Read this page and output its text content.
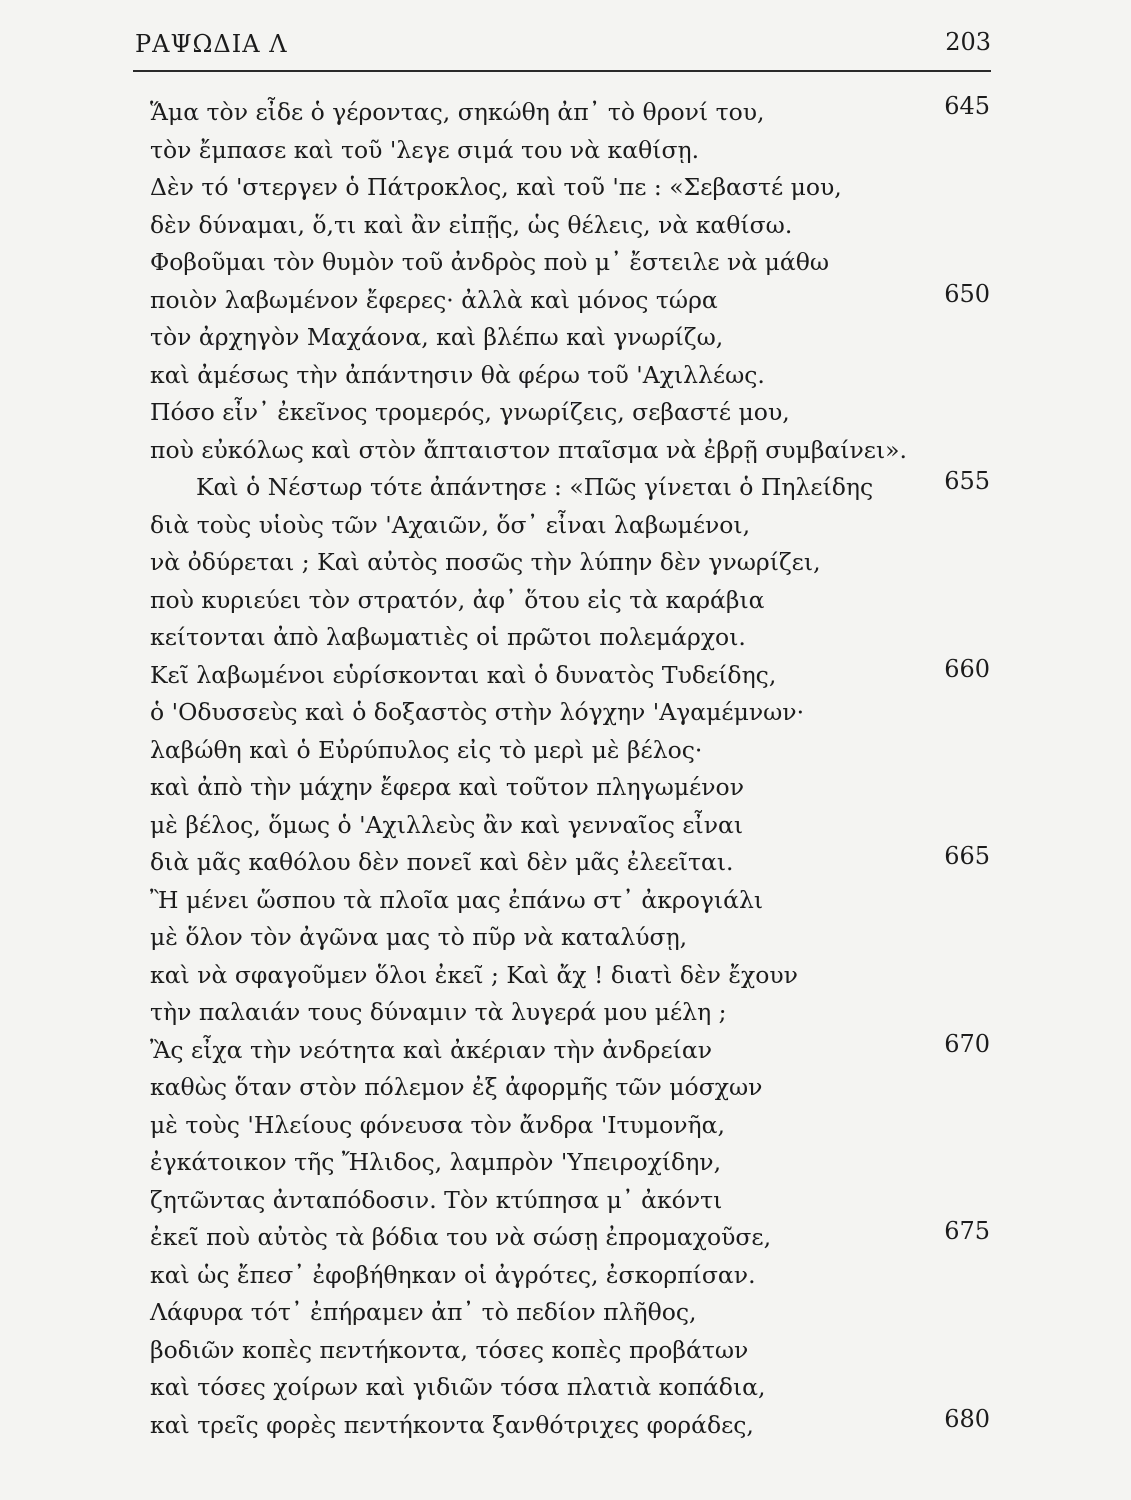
ΡΑΨΩΔΙΑ Λ	203
Ἅμα τὸν εἶδε ὁ γέροντας, σηκώθη ἀπ᾽ τὸ θρονί του,	645
τὸν ἔμπασε καὶ τοῦ 'λεγε σιμά του νὰ καθίσῃ.
Δὲν τό 'στεργεν ὁ Πάτροκλος, καὶ τοῦ 'πε : «Σεβαστέ μου,
δὲν δύναμαι, ὅ,τι καὶ ἂν εἰπῇς, ὡς θέλεις, νὰ καθίσω.
Φοβοῦμαι τὸν θυμὸν τοῦ ἀνδρὸς ποὺ μ᾽ ἔστειλε νὰ μάθω
ποιὸν λαβωμένον ἔφερες· ἀλλὰ καὶ μόνος τώρα	650
τὸν ἀρχηγὸν Μαχάονα, καὶ βλέπω καὶ γνωρίζω,
καὶ ἀμέσως τὴν ἀπάντησιν θὰ φέρω τοῦ 'Αχιλλέως.
Πόσο εἶν᾽ ἐκεῖνος τρομερός, γνωρίζεις, σεβαστέ μου,
ποὺ εὐκόλως καὶ στὸν ἄπταιστον πταῖσμα νὰ ἐβρῇ συμβαίνει».
Καὶ ὁ Νέστωρ τότε ἀπάντησε : «Πῶς γίνεται ὁ Πηλείδης	655
διὰ τοὺς υἱοὺς τῶν 'Αχαιῶν, ὅσ᾽ εἶναι λαβωμένοι,
νὰ ὀδύρεται ; Καὶ αὐτὸς ποσῶς τὴν λύπην δὲν γνωρίζει,
ποὺ κυριεύει τὸν στρατόν, ἀφ᾽ ὅτου εἰς τὰ καράβια
κείτονται ἀπὸ λαβωματιὲς οἱ πρῶτοι πολεμάρχοι.
Κεῖ λαβωμένοι εὑρίσκονται καὶ ὁ δυνατὸς Τυδείδης,	660
ὁ 'Οδυσσεὺς καὶ ὁ δοξαστὸς στὴν λόγχην 'Αγαμέμνων·
λαβώθη καὶ ὁ Εὐρύπυλος εἰς τὸ μερὶ μὲ βέλος·
καὶ ἀπὸ τὴν μάχην ἔφερα καὶ τοῦτον πληγωμένον
μὲ βέλος, ὅμως ὁ 'Αχιλλεὺς ἂν καὶ γενναῖος εἶναι
διὰ μᾶς καθόλου δὲν πονεῖ καὶ δὲν μᾶς ἐλεεῖται.	665
Ἢ μένει ὥσπου τὰ πλοῖα μας ἐπάνω στ᾽ ἀκρογιάλι
μὲ ὅλον τὸν ἀγῶνα μας τὸ πῦρ νὰ καταλύσῃ,
καὶ νὰ σφαγοῦμεν ὅλοι ἐκεῖ ; Καὶ ἄχ ! διατὶ δὲν ἔχουν
τὴν παλαιάν τους δύναμιν τὰ λυγερά μου μέλη ;
Ἂς εἶχα τὴν νεότητα καὶ ἀκέριαν τὴν ἀνδρείαν	670
καθὼς ὅταν στὸν πόλεμον ἐξ ἀφορμῆς τῶν μόσχων
μὲ τοὺς 'Ηλείους φόνευσα τὸν ἄνδρα 'Ιτυμονῆα,
ἐγκάτοικον τῆς Ἤλιδος, λαμπρὸν 'Υπειροχίδην,
ζητῶντας ἀνταπόδοσιν. Τὸν κτύπησα μ᾽ ἀκόντι
ἐκεῖ ποὺ αὐτὸς τὰ βόδια του νὰ σώσῃ ἐπρομαχοῦσε,	675
καὶ ὡς ἔπεσ᾽ ἐφοβήθηκαν οἱ ἀγρότες, ἐσκορπίσαν.
Λάφυρα τότ᾽ ἐπήραμεν ἀπ᾽ τὸ πεδίον πλῆθος,
βοδιῶν κοπὲς πεντήκοντα, τόσες κοπὲς προβάτων
καὶ τόσες χοίρων καὶ γιδιῶν τόσα πλατιὰ κοπάδια,
καὶ τρεῖς φορὲς πεντήκοντα ξανθότριχες φοράδες,	680
